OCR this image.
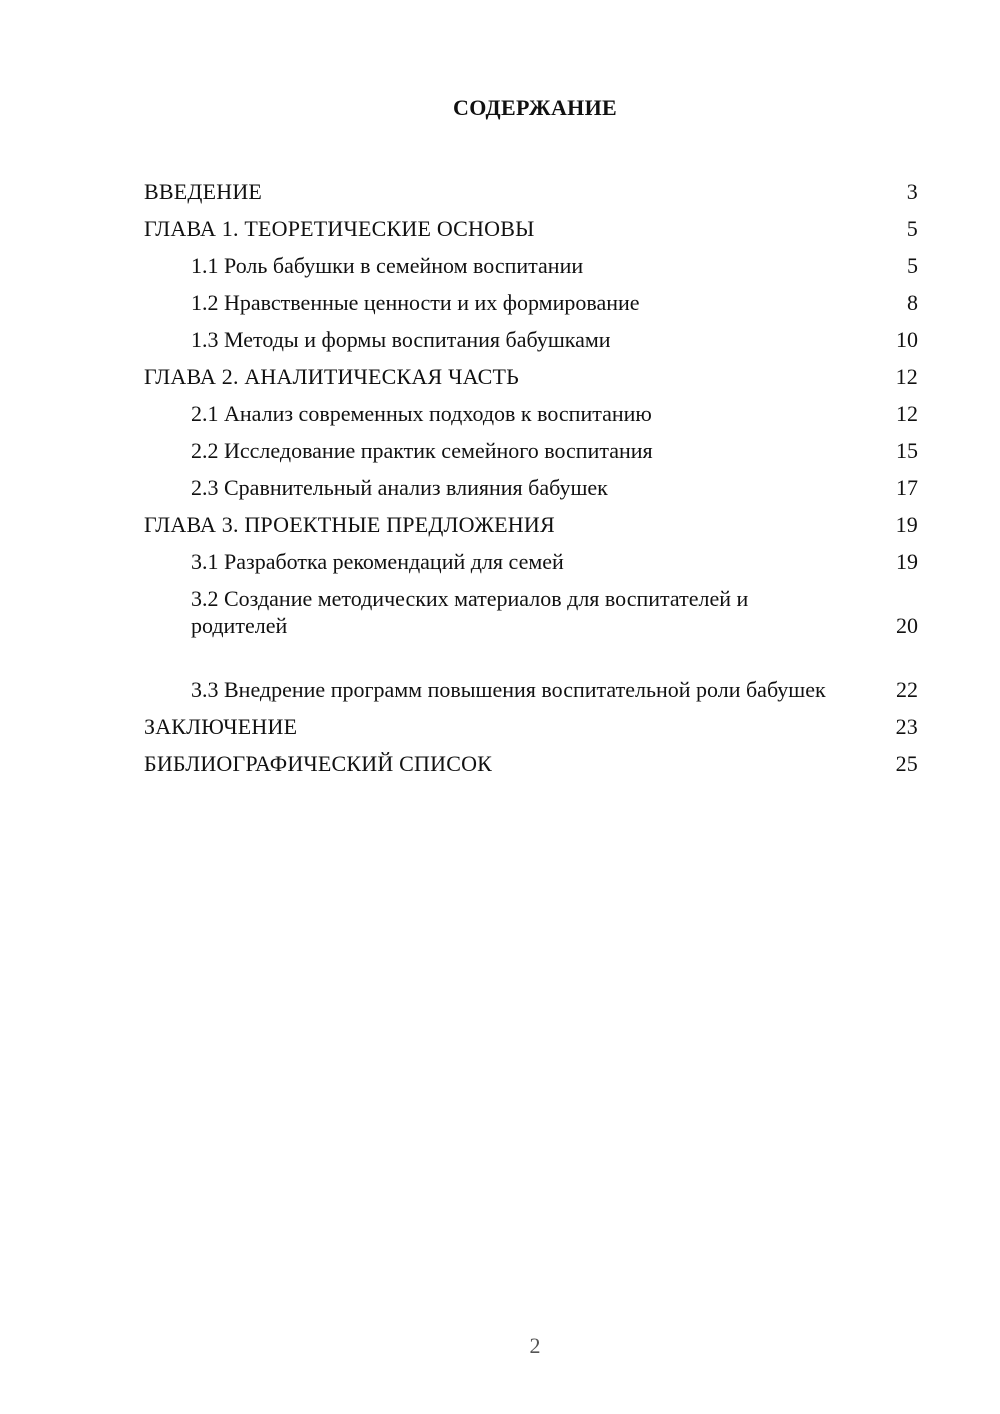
СОДЕРЖАНИЕ
ВВЕДЕНИЕ	3
ГЛАВА 1. ТЕОРЕТИЧЕСКИЕ ОСНОВЫ	5
1.1 Роль бабушки в семейном воспитании	5
1.2 Нравственные ценности и их формирование	8
1.3 Методы и формы воспитания бабушками	10
ГЛАВА 2. АНАЛИТИЧЕСКАЯ ЧАСТЬ	12
2.1 Анализ современных подходов к воспитанию	12
2.2 Исследование практик семейного воспитания	15
2.3 Сравнительный анализ влияния бабушек	17
ГЛАВА 3. ПРОЕКТНЫЕ ПРЕДЛОЖЕНИЯ	19
3.1 Разработка рекомендаций для семей	19
3.2 Создание методических материалов для воспитателей и родителей	20
3.3 Внедрение программ повышения воспитательной роли бабушек	22
ЗАКЛЮЧЕНИЕ	23
БИБЛИОГРАФИЧЕСКИЙ СПИСОК	25
2
